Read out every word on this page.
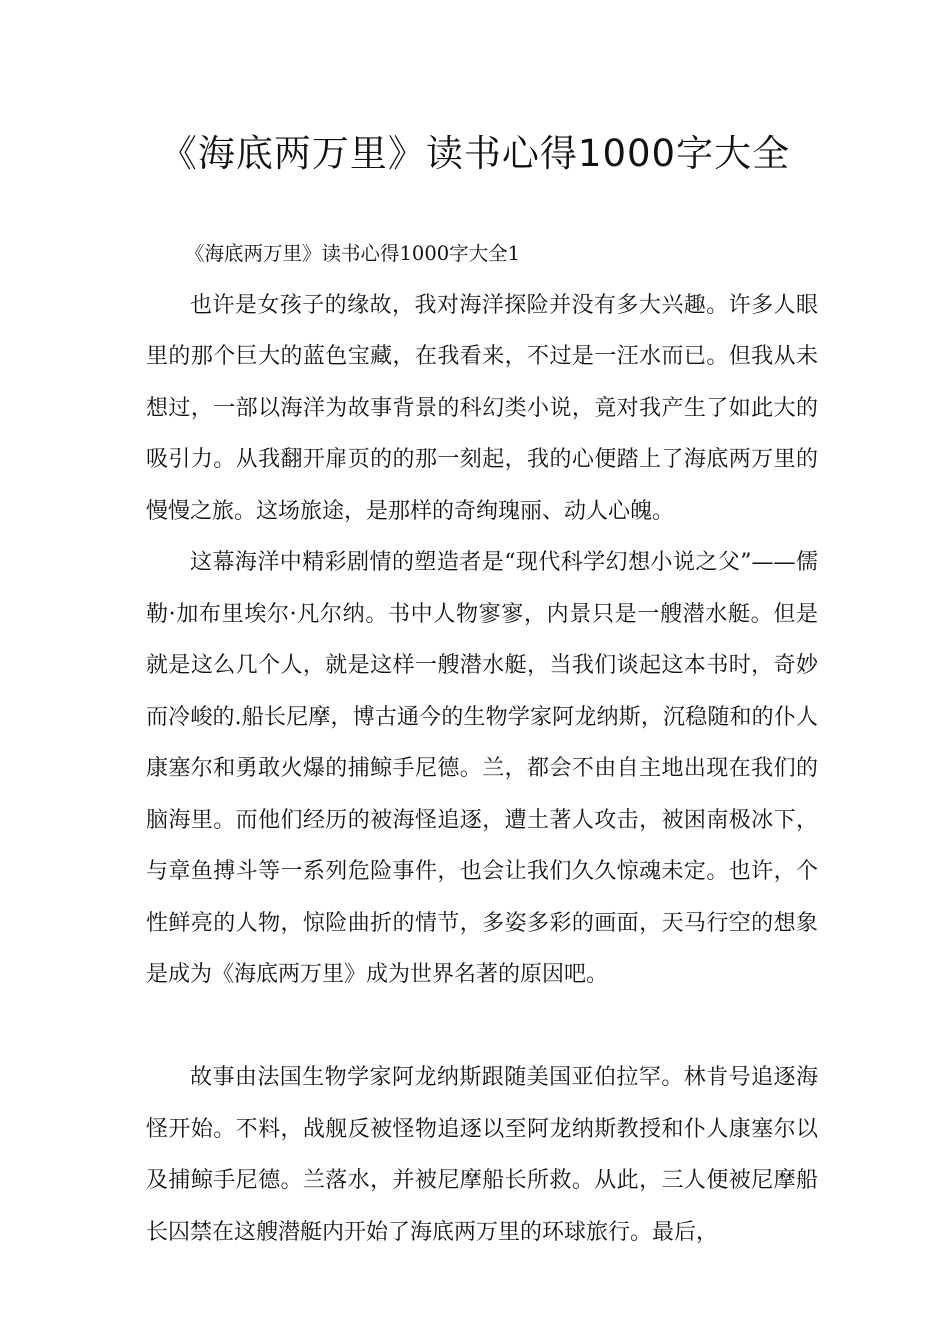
《海底两万里》读书心得1000字大全

《海底两万里》读书心得1000字大全1

也许是女孩子的缘故，我对海洋探险并没有多大兴趣。许多人眼里的那个巨大的蓝色宝藏，在我看来，不过是一汪水而已。但我从未想过，一部以海洋为故事背景的科幻类小说，竟对我产生了如此大的吸引力。从我翻开扉页的的那一刻起，我的心便踏上了海底两万里的慢慢之旅。这场旅途，是那样的奇绚瑰丽、动人心魄。

这幕海洋中精彩剧情的塑造者是“现代科学幻想小说之父”——儒勒·加布里埃尔·凡尔纳。书中人物寥寥，内景只是一艘潜水艇。但是就是这么几个人，就是这样一艘潜水艇，当我们谈起这本书时，奇妙而冷峻的.船长尼摩，博古通今的生物学家阿龙纳斯，沉稳随和的仆人康塞尔和勇敢火爆的捕鲸手尼德。兰，都会不由自主地出现在我们的脑海里。而他们经历的被海怪追逐，遭土著人攻击，被困南极冰下，与章鱼搏斗等一系列危险事件，也会让我们久久惊魂未定。也许，个性鲜亮的人物，惊险曲折的情节，多姿多彩的画面，天马行空的想象是成为《海底两万里》成为世界名著的原因吧。

故事由法国生物学家阿龙纳斯跟随美国亚伯拉罕。林肯号追逐海怪开始。不料，战舰反被怪物追逐以至阿龙纳斯教授和仆人康塞尔以及捕鲸手尼德。兰落水，并被尼摩船长所救。从此，三人便被尼摩船长囚禁在这艘潜艇内开始了海底两万里的环球旅行。最后，
